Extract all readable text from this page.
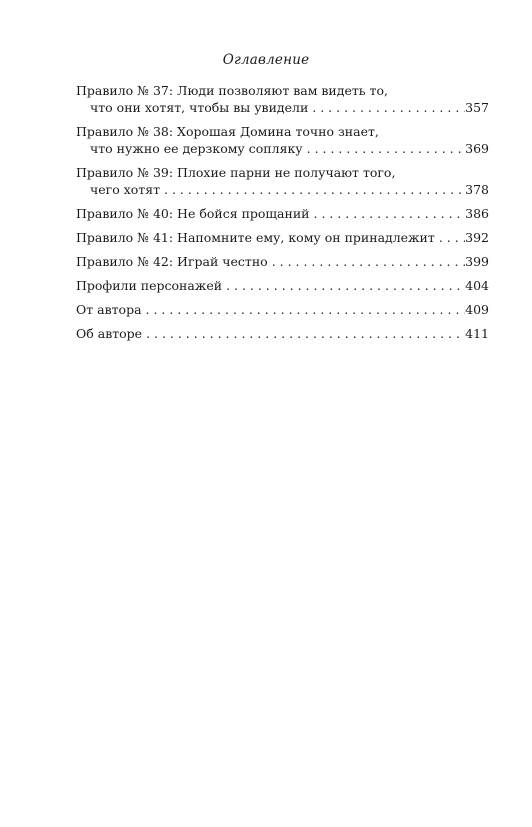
Оглавление
Правило № 37: Люди позволяют вам видеть то,
что они хотят, чтобы вы увидели . . .	357
Правило № 38: Хорошая Домина точно знает,
что нужно ее дерзкому сопляку . . .	369
Правило № 39: Плохие парни не получают того,
чего хотят . . .	378
Правило № 40: Не бойся прощаний . . .	386
Правило № 41: Напомните ему, кому он принадлежит . . . 392
Правило № 42: Играй честно . . .	399
Профили персонажей . . .	404
От автора . . .	409
Об авторе . . .	411
